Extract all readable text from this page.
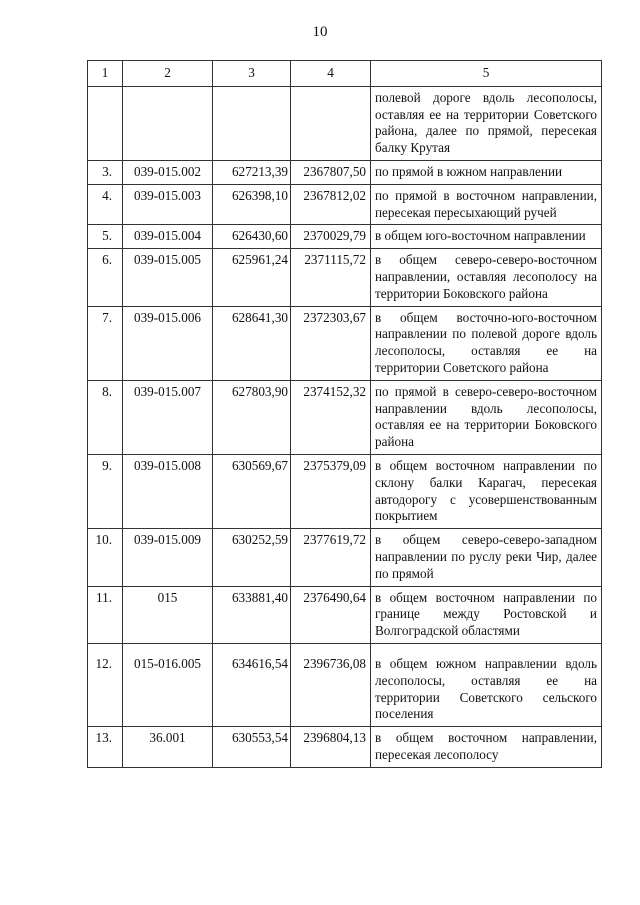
10
1	2	3	4	5
				полевой дороге вдоль лесополосы, оставляя ее на территории Советского района, далее по прямой, пересекая балку Крутая
3.	039-015.002	627213,39	2367807,50	по прямой в южном направлении
4.	039-015.003	626398,10	2367812,02	по прямой в восточном направлении, пересекая пересыхающий ручей
5.	039-015.004	626430,60	2370029,79	в общем юго-восточном направлении
6.	039-015.005	625961,24	2371115,72	в общем северо-северо-восточном направлении, оставляя лесополосу на территории Боковского района
7.	039-015.006	628641,30	2372303,67	в общем восточно-юго-восточном направлении по полевой дороге вдоль лесополосы, оставляя ее на территории Советского района
8.	039-015.007	627803,90	2374152,32	по прямой в северо-северо-восточном направлении вдоль лесополосы, оставляя ее на территории Боковского района
9.	039-015.008	630569,67	2375379,09	в общем восточном направлении по склону балки Карагач, пересекая автодорогу с усовершенствованным покрытием
10.	039-015.009	630252,59	2377619,72	в общем северо-северо-западном направлении по руслу реки Чир, далее по прямой
11.	015	633881,40	2376490,64	в общем восточном направлении по границе между Ростовской и Волгоградской областями
12.	015-016.005	634616,54	2396736,08	в общем южном направлении вдоль лесополосы, оставляя ее на территории Советского сельского поселения
13.	36.001	630553,54	2396804,13	в общем восточном направлении, пересекая лесополосу
